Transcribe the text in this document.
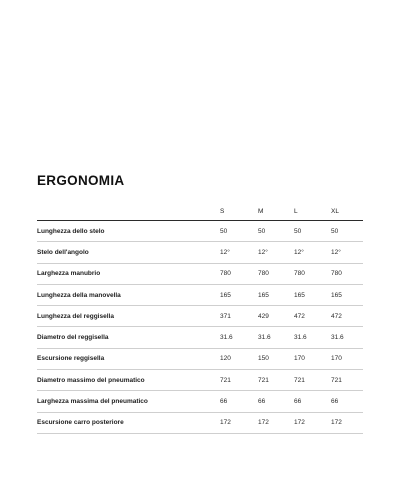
ERGONOMIA
	S	M	L	XL
Lunghezza dello stelo	50	50	50	50
Stelo dell'angolo	12°	12°	12°	12°
Larghezza manubrio	780	780	780	780
Lunghezza della manovella	165	165	165	165
Lunghezza del reggisella	371	429	472	472
Diametro del reggisella	31.6	31.6	31.6	31.6
Escursione reggisella	120	150	170	170
Diametro massimo del pneumatico	721	721	721	721
Larghezza massima del pneumatico	66	66	66	66
Escursione carro posteriore	172	172	172	172
